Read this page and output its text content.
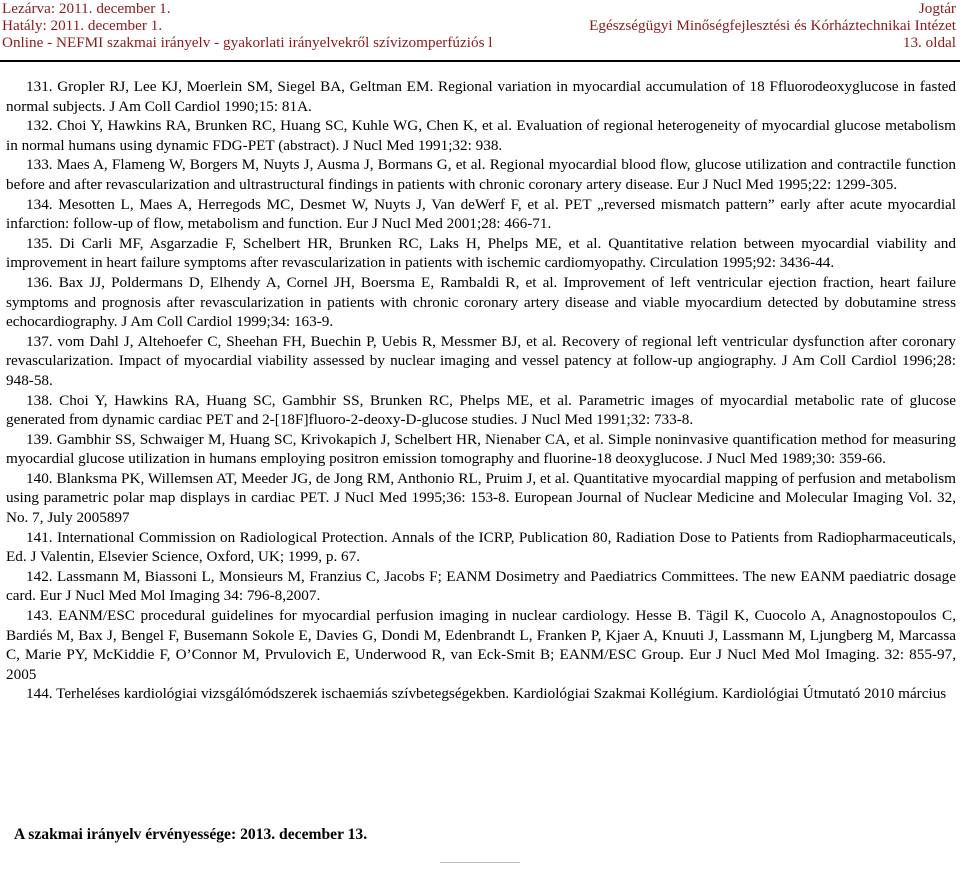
Lezárva: 2011. december 1.	Jogtár
Hatály: 2011. december 1.	Egészségügyi Minőségfejlesztési és Kórháztechnikai Intézet
Online - NEFMI szakmai irányelv - gyakorlati irányelvekről szívizomperfúziós l	13. oldal

131. Gropler RJ, Lee KJ, Moerlein SM, Siegel BA, Geltman EM. Regional variation in myocardial accumulation of 18 Ffluorodeoxyglucose in fasted normal subjects. J Am Coll Cardiol 1990;15: 81A.

132. Choi Y, Hawkins RA, Brunken RC, Huang SC, Kuhle WG, Chen K, et al. Evaluation of regional heterogeneity of myocardial glucose metabolism in normal humans using dynamic FDG-PET (abstract). J Nucl Med 1991;32: 938.

133. Maes A, Flameng W, Borgers M, Nuyts J, Ausma J, Bormans G, et al. Regional myocardial blood flow, glucose utilization and contractile function before and after revascularization and ultrastructural findings in patients with chronic coronary artery disease. Eur J Nucl Med 1995;22: 1299-305.

134. Mesotten L, Maes A, Herregods MC, Desmet W, Nuyts J, Van deWerf F, et al. PET „reversed mismatch pattern” early after acute myocardial infarction: follow-up of flow, metabolism and function. Eur J Nucl Med 2001;28: 466-71.

135. Di Carli MF, Asgarzadie F, Schelbert HR, Brunken RC, Laks H, Phelps ME, et al. Quantitative relation between myocardial viability and improvement in heart failure symptoms after revascularization in patients with ischemic cardiomyopathy. Circulation 1995;92: 3436-44.

136. Bax JJ, Poldermans D, Elhendy A, Cornel JH, Boersma E, Rambaldi R, et al. Improvement of left ventricular ejection fraction, heart failure symptoms and prognosis after revascularization in patients with chronic coronary artery disease and viable myocardium detected by dobutamine stress echocardiography. J Am Coll Cardiol 1999;34: 163-9.

137. vom Dahl J, Altehoefer C, Sheehan FH, Buechin P, Uebis R, Messmer BJ, et al. Recovery of regional left ventricular dysfunction after coronary revascularization. Impact of myocardial viability assessed by nuclear imaging and vessel patency at follow-up angiography. J Am Coll Cardiol 1996;28: 948-58.

138. Choi Y, Hawkins RA, Huang SC, Gambhir SS, Brunken RC, Phelps ME, et al. Parametric images of myocardial metabolic rate of glucose generated from dynamic cardiac PET and 2-[18F]fluoro-2-deoxy-D-glucose studies. J Nucl Med 1991;32: 733-8.

139. Gambhir SS, Schwaiger M, Huang SC, Krivokapich J, Schelbert HR, Nienaber CA, et al. Simple noninvasive quantification method for measuring myocardial glucose utilization in humans employing positron emission tomography and fluorine-18 deoxyglucose. J Nucl Med 1989;30: 359-66.

140. Blanksma PK, Willemsen AT, Meeder JG, de Jong RM, Anthonio RL, Pruim J, et al. Quantitative myocardial mapping of perfusion and metabolism using parametric polar map displays in cardiac PET. J Nucl Med 1995;36: 153-8. European Journal of Nuclear Medicine and Molecular Imaging Vol. 32, No. 7, July 2005897

141. International Commission on Radiological Protection. Annals of the ICRP, Publication 80, Radiation Dose to Patients from Radiopharmaceuticals, Ed. J Valentin, Elsevier Science, Oxford, UK; 1999, p. 67.

142. Lassmann M, Biassoni L, Monsieurs M, Franzius C, Jacobs F; EANM Dosimetry and Paediatrics Committees. The new EANM paediatric dosage card. Eur J Nucl Med Mol Imaging 34: 796-8,2007.

143. EANM/ESC procedural guidelines for myocardial perfusion imaging in nuclear cardiology. Hesse B. Tägil K, Cuocolo A, Anagnostopoulos C, Bardiés M, Bax J, Bengel F, Busemann Sokole E, Davies G, Dondi M, Edenbrandt L, Franken P, Kjaer A, Knuuti J, Lassmann M, Ljungberg M, Marcassa C, Marie PY, McKiddie F, O’Connor M, Prvulovich E, Underwood R, van Eck-Smit B; EANM/ESC Group. Eur J Nucl Med Mol Imaging. 32: 855-97, 2005

144. Terheléses kardiológiai vizsgálómódszerek ischaemiás szívbetegségekben. Kardiológiai Szakmai Kollégium. Kardiológiai Útmutató 2010 március

A szakmai irányelv érvényessége: 2013. december 13.
